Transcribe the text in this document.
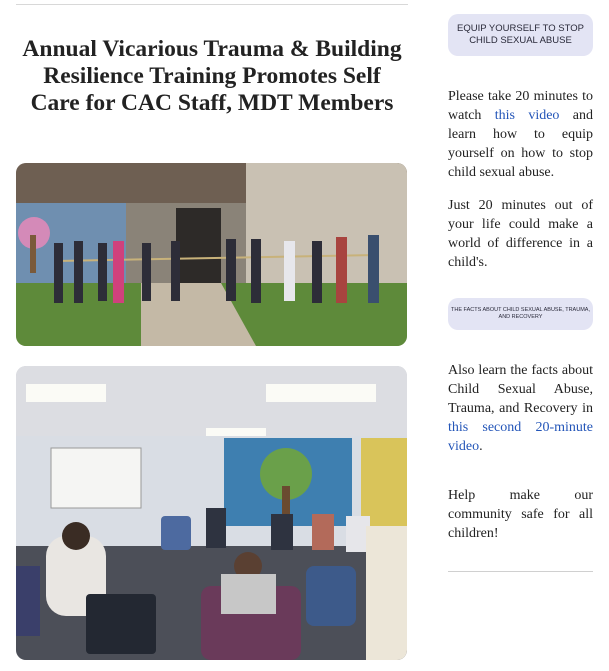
Annual Vicarious Trauma & Building Resilience Training Promotes Self Care for CAC Staff, MDT Members
EQUIP YOURSELF TO STOP CHILD SEXUAL ABUSE

Please take 20 minutes to watch this video and learn how to equip yourself on how to stop child sexual abuse.

Just 20 minutes out of your life could make a world of difference in a child's.

THE FACTS ABOUT CHILD SEXUAL ABUSE, TRAUMA, AND RECOVERY

Also learn the facts about Child Sexual Abuse, Trauma, and Recovery in this second 20-minute video.

Help make our community safe for all children!
